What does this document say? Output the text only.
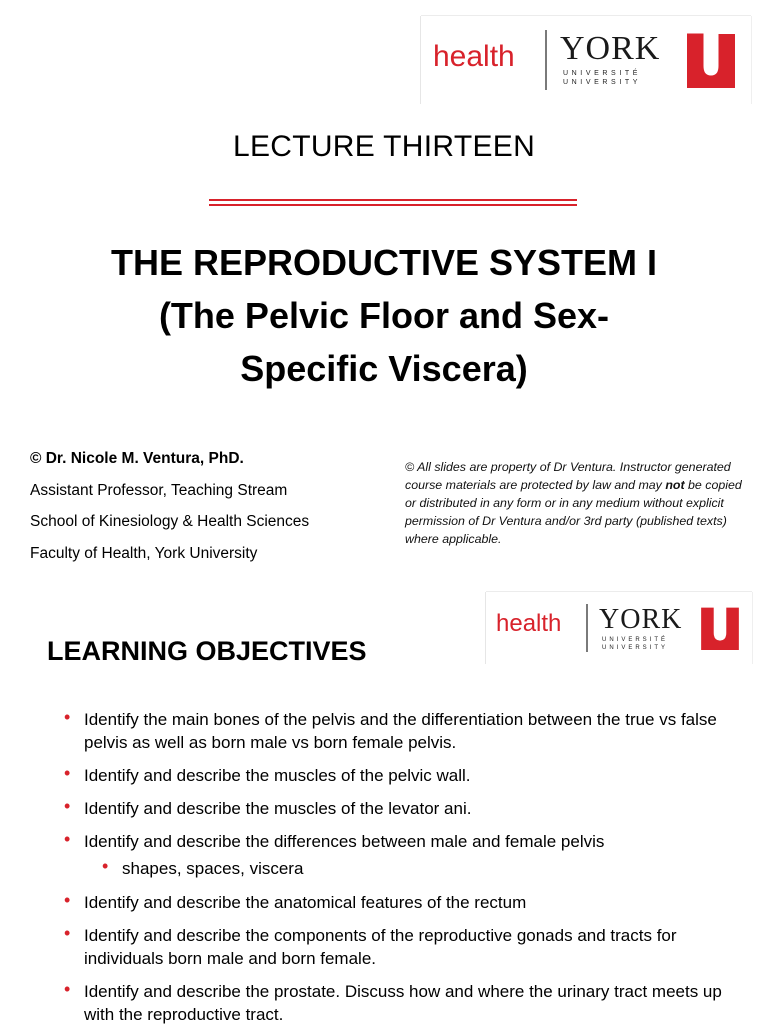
health YORK
UNIVERSITÉ
UNIVERSITY
LECTURE THIRTEEN
THE REPRODUCTIVE SYSTEM I
(The Pelvic Floor and Sex-
Specific Viscera)
© Dr. Nicole M. Ventura, PhD.
Assistant Professor, Teaching Stream
School of Kinesiology & Health Sciences
Faculty of Health, York University
© All slides are property of Dr Ventura. Instructor generated course materials are protected by law and may not be copied or distributed in any form or in any medium without explicit permission of Dr Ventura and/or 3rd party (published texts) where applicable.
health YORK
UNIVERSITÉ
UNIVERSITY
LEARNING OBJECTIVES
• Identify the main bones of the pelvis and the differentiation between the true vs false pelvis as well as born male vs born female pelvis.
• Identify and describe the muscles of the pelvic wall.
• Identify and describe the muscles of the levator ani.
• Identify and describe the differences between male and female pelvis
• shapes, spaces, viscera
• Identify and describe the anatomical features of the rectum
• Identify and describe the components of the reproductive gonads and tracts for individuals born male and born female.
• Identify and describe the prostate. Discuss how and where the urinary tract meets up with the reproductive tract.
